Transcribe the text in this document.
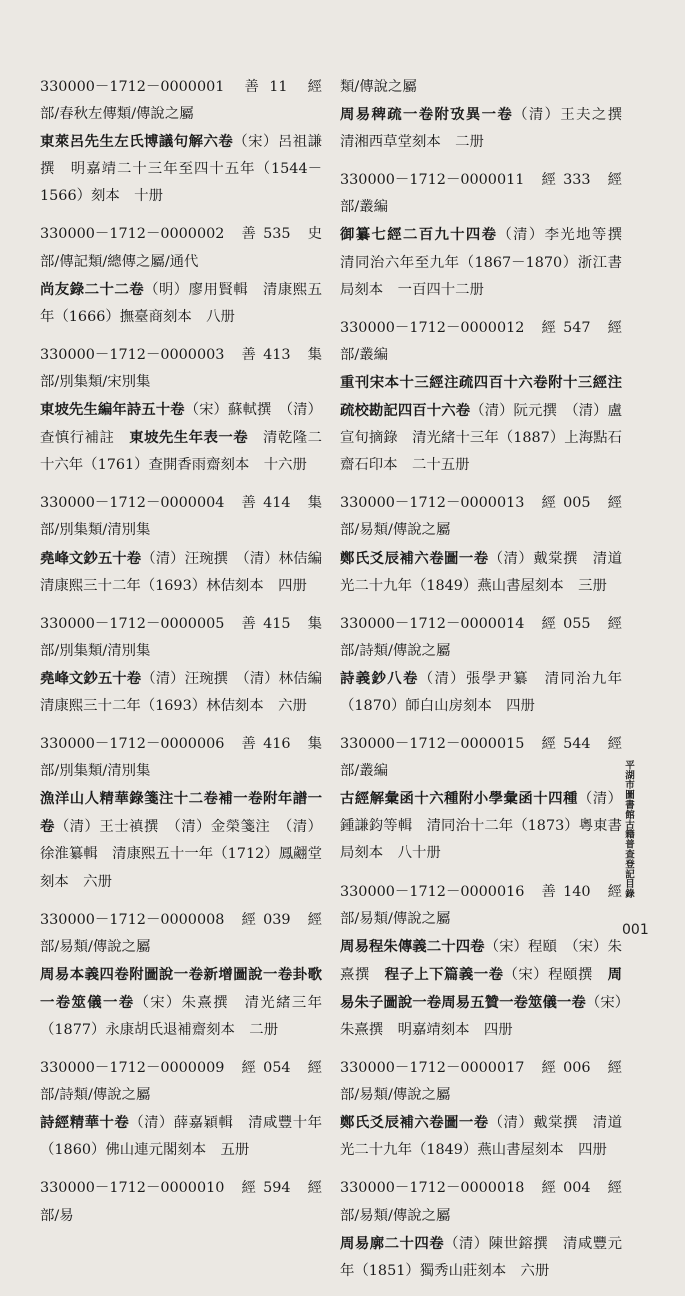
330000－1712－0000001　善 11　經部/春秋左傳類/傳說之屬

東萊呂先生左氏博議句解六卷（宋）呂祖謙撰　明嘉靖二十三年至四十五年（1544－1566）刻本　十册

330000－1712－0000002　善 535　史部/傳記類/總傳之屬/通代

尚友錄二十二卷（明）廖用賢輯　清康熙五年（1666）撫臺商刻本　八册

330000－1712－0000003　善 413　集部/別集類/宋別集

東坡先生編年詩五十卷（宋）蘇軾撰　（清）查慎行補註　東坡先生年表一卷　清乾隆二十六年（1761）查開香雨齋刻本　十六册

330000－1712－0000004　善 414　集部/別集類/清別集

堯峰文鈔五十卷（清）汪琬撰　（清）林佶編　清康熙三十二年（1693）林佶刻本　四册

330000－1712－0000005　善 415　集部/別集類/清別集

堯峰文鈔五十卷（清）汪琬撰　（清）林佶編　清康熙三十二年（1693）林佶刻本　六册

330000－1712－0000006　善 416　集部/別集類/清別集

漁洋山人精華錄箋注十二卷補一卷附年譜一卷（清）王士禛撰　（清）金榮箋注　（清）徐淮纂輯　清康熙五十一年（1712）鳳翽堂刻本　六册

330000－1712－0000008　經 039　經部/易類/傳說之屬

周易本義四卷附圖說一卷新增圖說一卷卦歌一卷筮儀一卷（宋）朱熹撰　清光緒三年（1877）永康胡氏退補齋刻本　二册

330000－1712－0000009　經 054　經部/詩類/傳說之屬

詩經精華十卷（清）薛嘉穎輯　清咸豐十年（1860）佛山連元閣刻本　五册

330000－1712－0000010　經 594　經部/易

類/傳說之屬

周易稗疏一卷附攷異一卷（清）王夫之撰　清湘西草堂刻本　二册

330000－1712－0000011　經 333　經部/叢編

御纂七經二百九十四卷（清）李光地等撰　清同治六年至九年（1867－1870）浙江書局刻本　一百四十二册

330000－1712－0000012　經 547　經部/叢編

重刊宋本十三經注疏四百十六卷附十三經注疏校勘記四百十六卷（清）阮元撰　（清）盧宣旬摘錄　清光緒十三年（1887）上海點石齋石印本　二十五册

330000－1712－0000013　經 005　經部/易類/傳說之屬

鄭氏爻辰補六卷圖一卷（清）戴棠撰　清道光二十九年（1849）燕山書屋刻本　三册

330000－1712－0000014　經 055　經部/詩類/傳說之屬

詩義鈔八卷（清）張學尹纂　清同治九年（1870）師白山房刻本　四册

330000－1712－0000015　經 544　經部/叢編

古經解彙函十六種附小學彙函十四種（清）鍾謙鈞等輯　清同治十二年（1873）粵東書局刻本　八十册

330000－1712－0000016　善 140　經部/易類/傳說之屬

周易程朱傳義二十四卷（宋）程頤　（宋）朱熹撰　程子上下篇義一卷（宋）程頤撰　周易朱子圖說一卷周易五贊一卷筮儀一卷（宋）朱熹撰　明嘉靖刻本　四册

330000－1712－0000017　經 006　經部/易類/傳說之屬

鄭氏爻辰補六卷圖一卷（清）戴棠撰　清道光二十九年（1849）燕山書屋刻本　四册

330000－1712－0000018　經 004　經部/易類/傳說之屬

周易廓二十四卷（清）陳世鎔撰　清咸豐元年（1851）獨秀山莊刻本　六册

平湖市圖書館古籍普查登記目錄
001
